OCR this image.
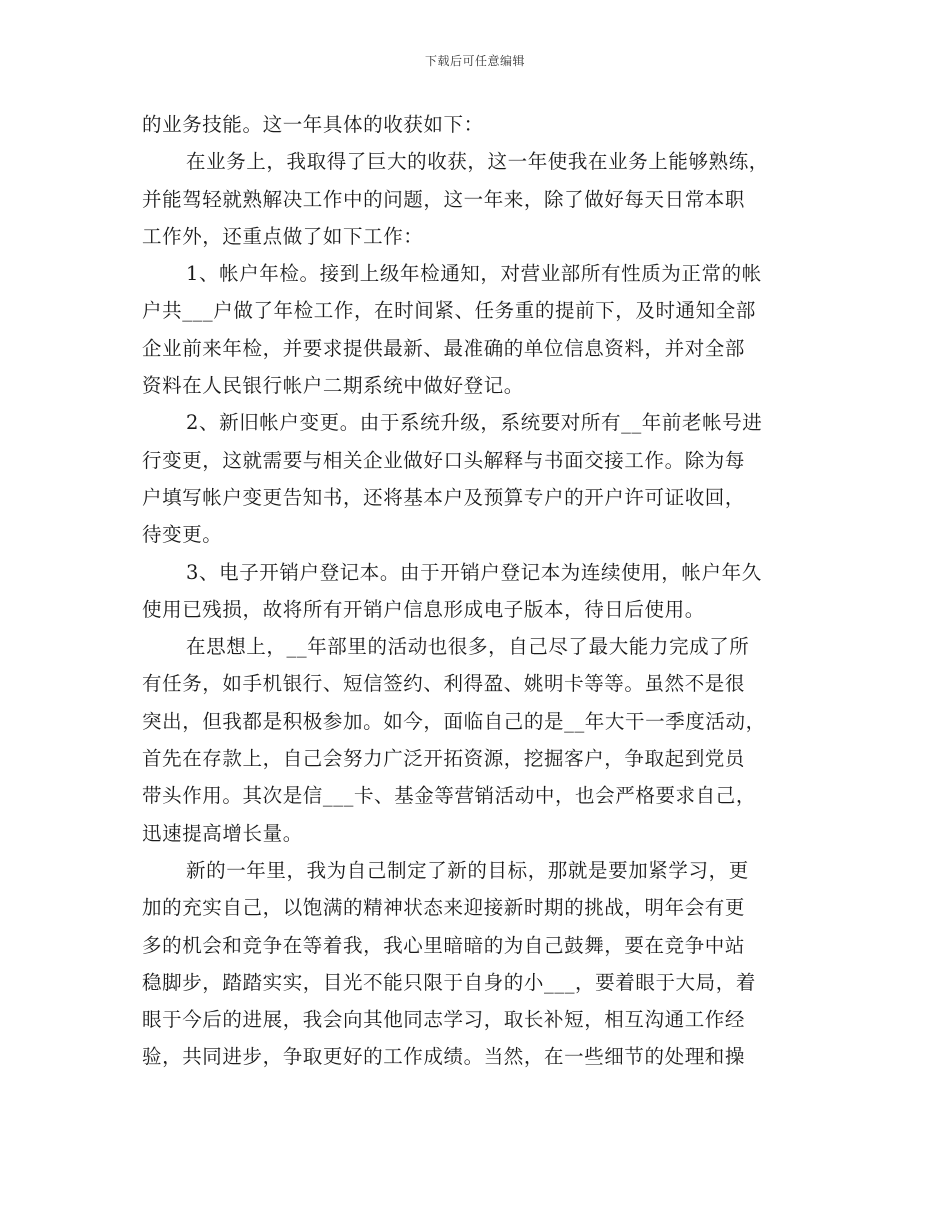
下载后可任意编辑
的业务技能。这一年具体的收获如下：
在业务上，我取得了巨大的收获，这一年使我在业务上能够熟练，
并能驾轻就熟解决工作中的问题，这一年来，除了做好每天日常本职
工作外，还重点做了如下工作：
1、帐户年检。接到上级年检通知，对营业部所有性质为正常的帐
户共___户做了年检工作，在时间紧、任务重的提前下，及时通知全部
企业前来年检，并要求提供最新、最准确的单位信息资料，并对全部
资料在人民银行帐户二期系统中做好登记。
2、新旧帐户变更。由于系统升级，系统要对所有__年前老帐号进
行变更，这就需要与相关企业做好口头解释与书面交接工作。除为每
户填写帐户变更告知书，还将基本户及预算专户的开户许可证收回，
待变更。
3、电子开销户登记本。由于开销户登记本为连续使用，帐户年久
使用已残损，故将所有开销户信息形成电子版本，待日后使用。
在思想上，__年部里的活动也很多，自己尽了最大能力完成了所
有任务，如手机银行、短信签约、利得盈、姚明卡等等。虽然不是很
突出，但我都是积极参加。如今，面临自己的是__年大干一季度活动，
首先在存款上，自己会努力广泛开拓资源，挖掘客户，争取起到党员
带头作用。其次是信___卡、基金等营销活动中，也会严格要求自己，
迅速提高增长量。
新的一年里，我为自己制定了新的目标，那就是要加紧学习，更
加的充实自己，以饱满的精神状态来迎接新时期的挑战，明年会有更
多的机会和竞争在等着我，我心里暗暗的为自己鼓舞，要在竞争中站
稳脚步，踏踏实实，目光不能只限于自身的小___，要着眼于大局，着
眼于今后的进展，我会向其他同志学习，取长补短，相互沟通工作经
验，共同进步，争取更好的工作成绩。当然，在一些细节的处理和操
